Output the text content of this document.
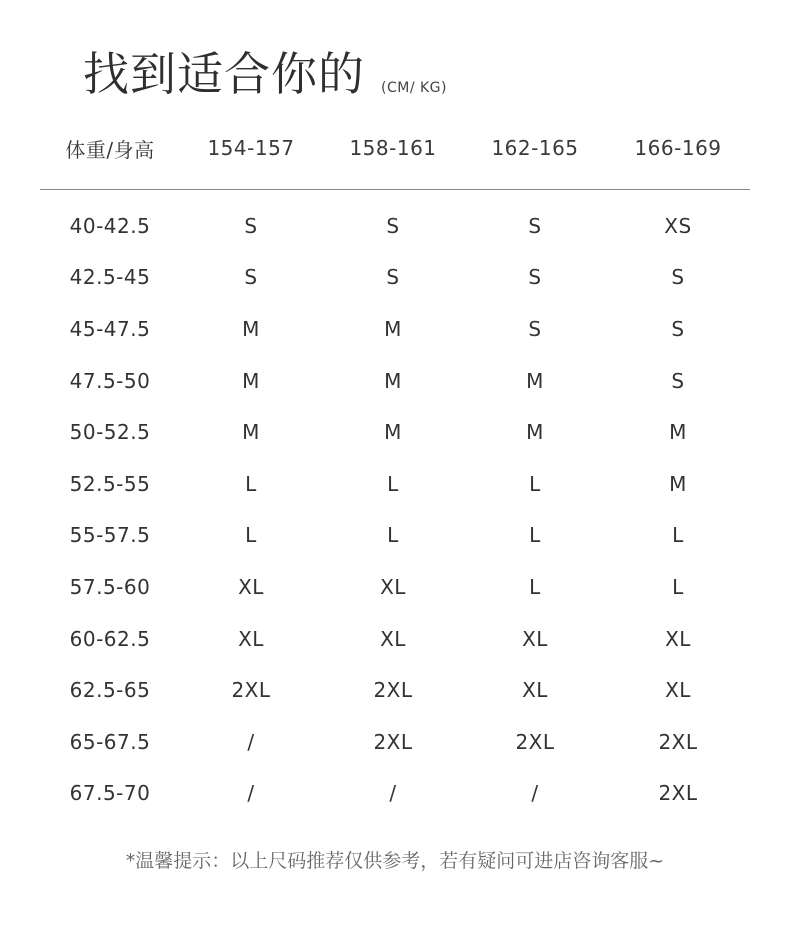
找到适合你的 (CM/ KG)
体重/身高	154-157	158-161	162-165	166-169
40-42.5	S	S	S	XS
42.5-45	S	S	S	S
45-47.5	M	M	S	S
47.5-50	M	M	M	S
50-52.5	M	M	M	M
52.5-55	L	L	L	M
55-57.5	L	L	L	L
57.5-60	XL	XL	L	L
60-62.5	XL	XL	XL	XL
62.5-65	2XL	2XL	XL	XL
65-67.5	/	2XL	2XL	2XL
67.5-70	/	/	/	2XL
*温馨提示：以上尺码推荐仅供参考，若有疑问可进店咨询客服~
